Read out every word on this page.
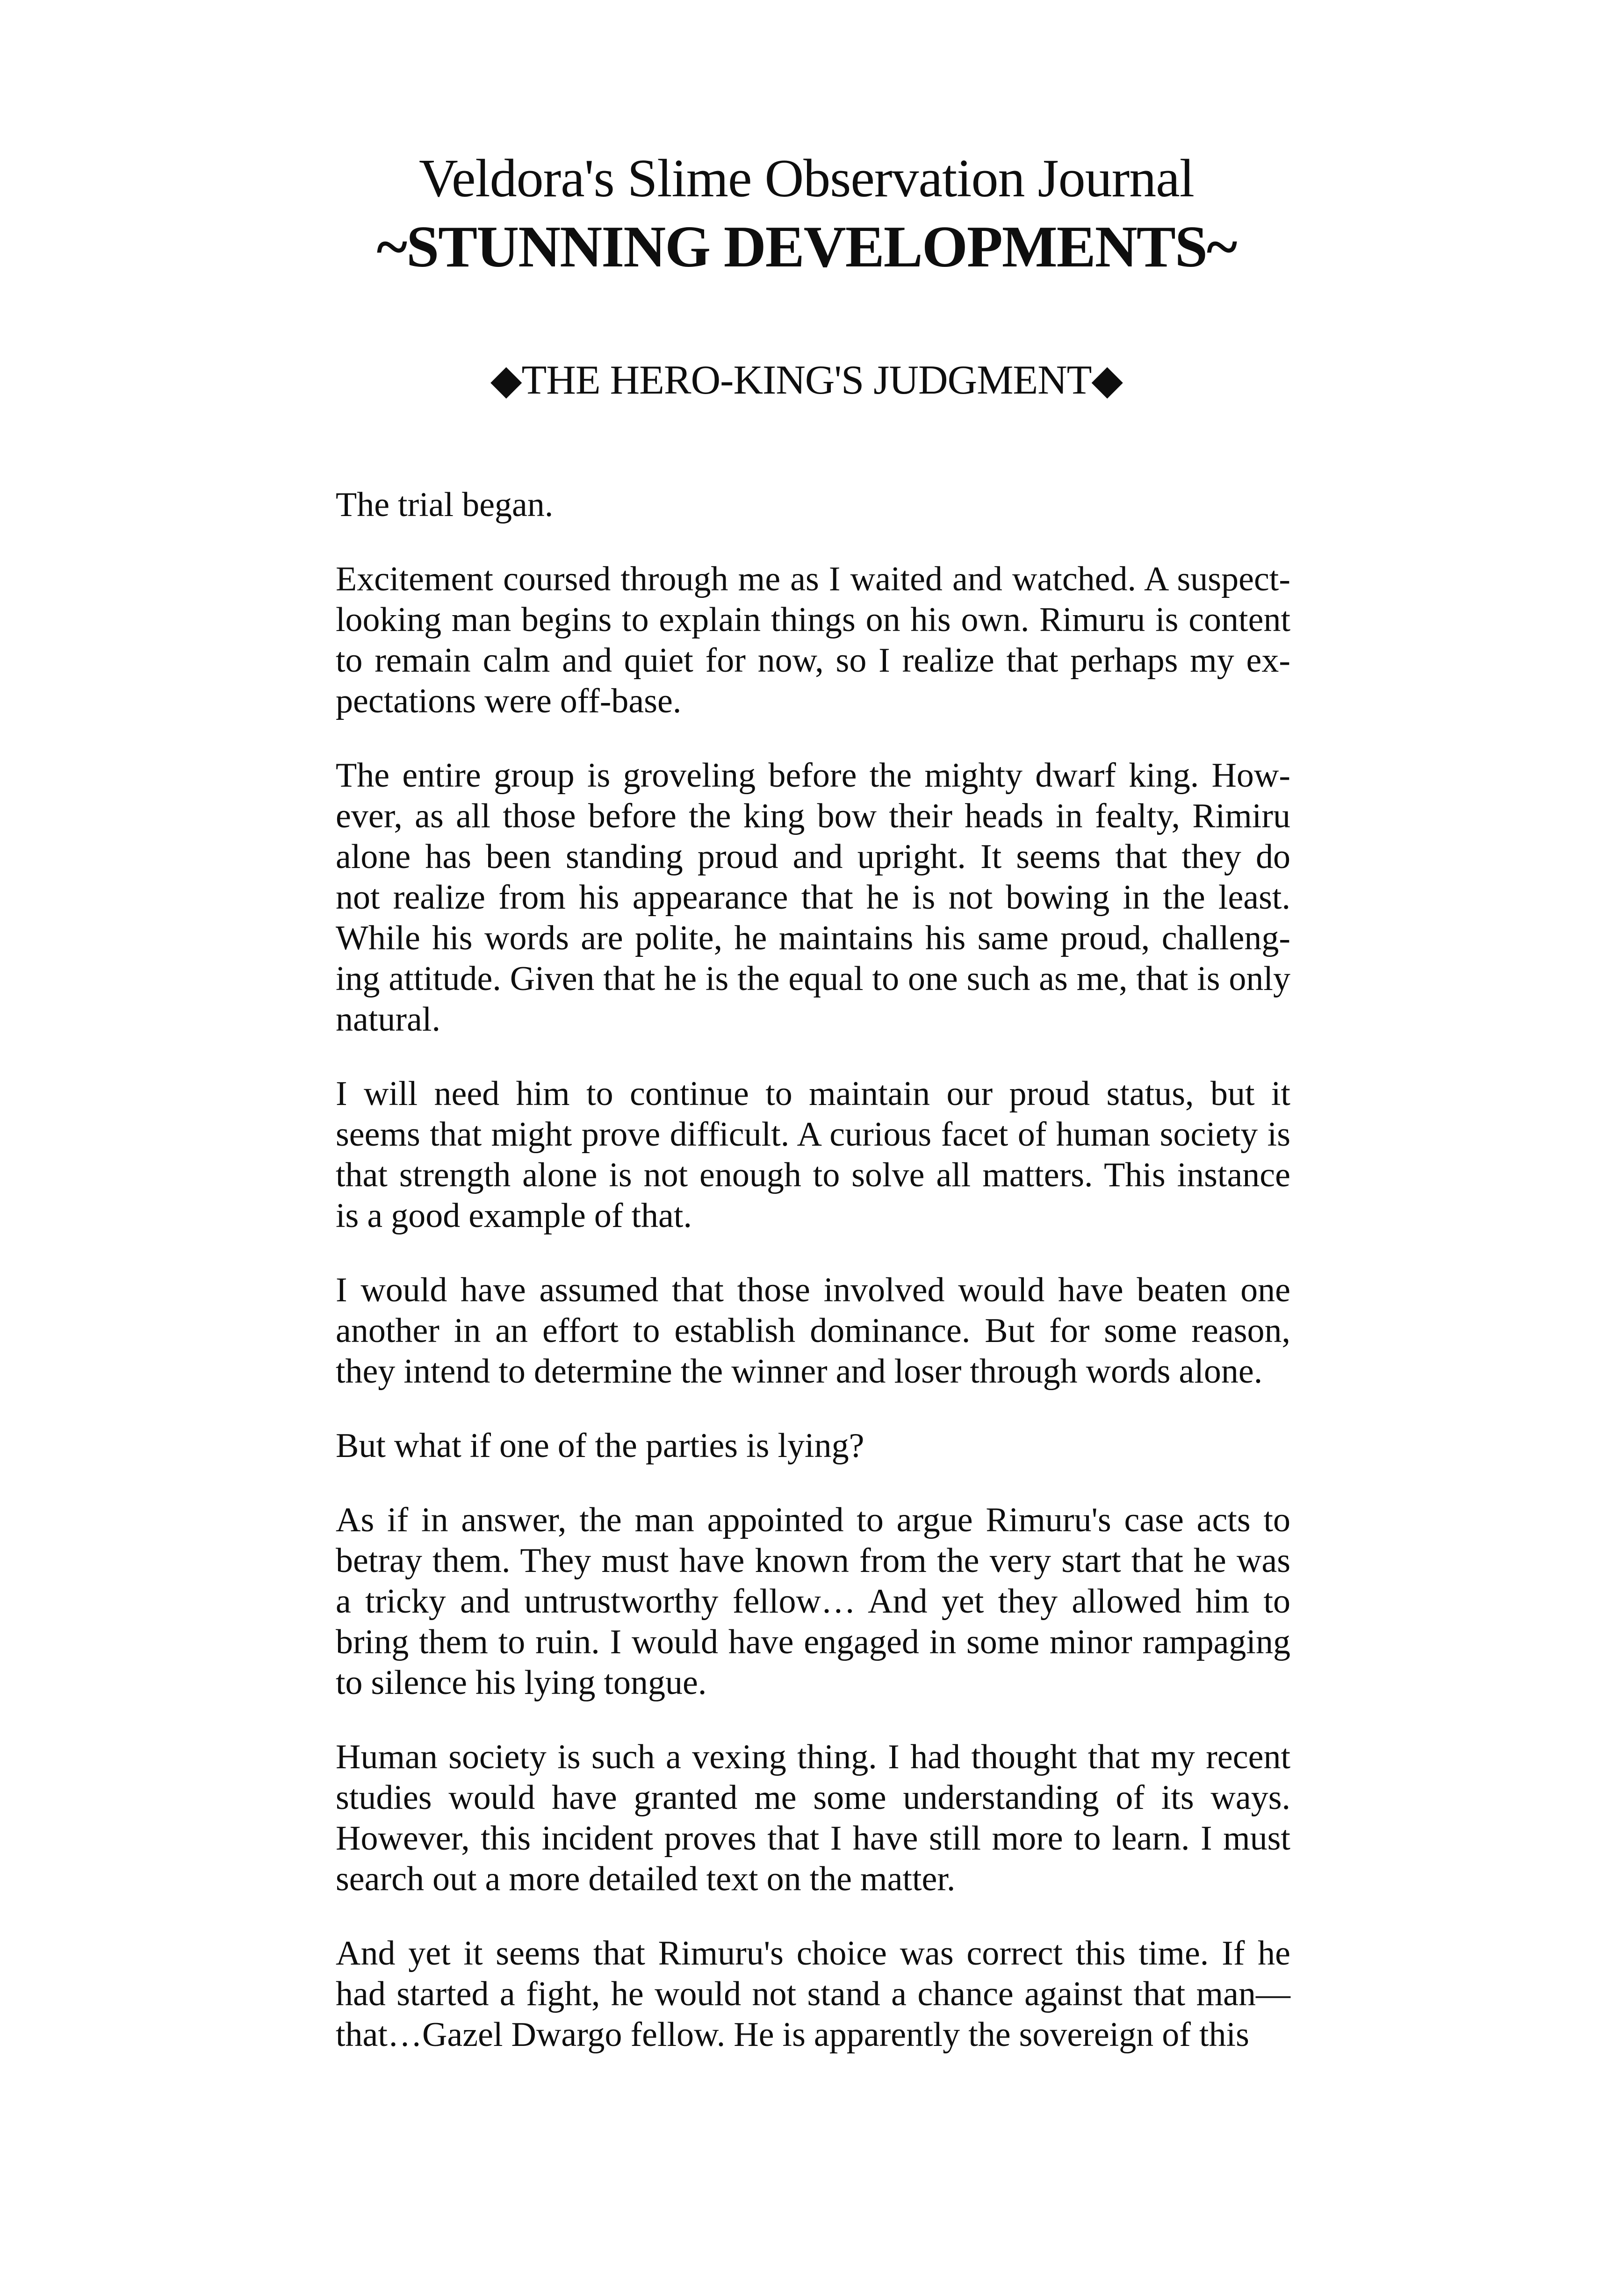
Veldora's Slime Observation Journal
~STUNNING DEVELOPMENTS~
◆THE HERO-KING'S JUDGMENT◆
The trial began.
Excitement coursed through me as I waited and watched. A suspect-
looking man begins to explain things on his own. Rimuru is content
to remain calm and quiet for now, so I realize that perhaps my ex-
pectations were off-base.
The entire group is groveling before the mighty dwarf king. How-
ever, as all those before the king bow their heads in fealty, Rimiru
alone has been standing proud and upright. It seems that they do
not realize from his appearance that he is not bowing in the least.
While his words are polite, he maintains his same proud, challeng-
ing attitude. Given that he is the equal to one such as me, that is only
natural.
I will need him to continue to maintain our proud status, but it
seems that might prove difficult. A curious facet of human society is
that strength alone is not enough to solve all matters. This instance
is a good example of that.
I would have assumed that those involved would have beaten one
another in an effort to establish dominance. But for some reason,
they intend to determine the winner and loser through words alone.
But what if one of the parties is lying?
As if in answer, the man appointed to argue Rimuru's case acts to
betray them. They must have known from the very start that he was
a tricky and untrustworthy fellow… And yet they allowed him to
bring them to ruin. I would have engaged in some minor rampaging
to silence his lying tongue.
Human society is such a vexing thing. I had thought that my recent
studies would have granted me some understanding of its ways.
However, this incident proves that I have still more to learn. I must
search out a more detailed text on the matter.
And yet it seems that Rimuru's choice was correct this time. If he
had started a fight, he would not stand a chance against that man—
that…Gazel Dwargo fellow. He is apparently the sovereign of this
